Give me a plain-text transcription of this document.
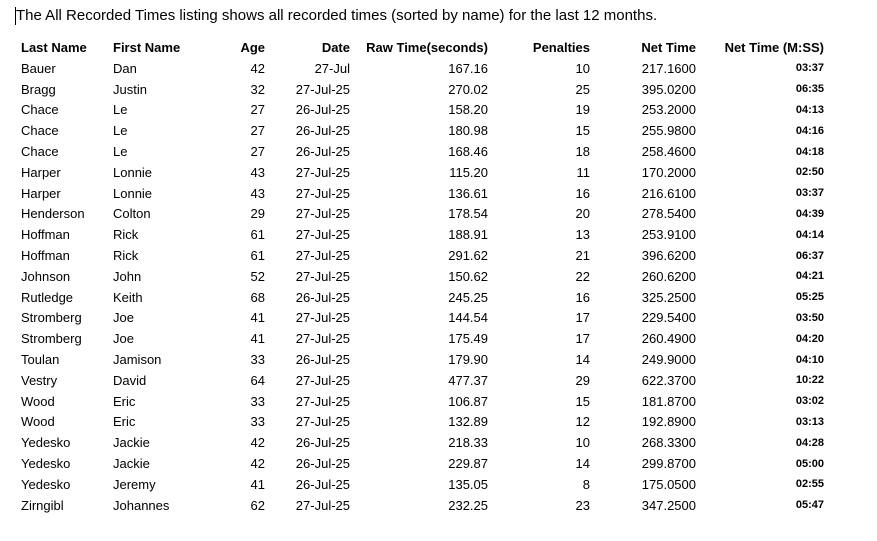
The All Recorded Times listing shows all recorded times (sorted by name) for the last 12 months.
Last Name	First Name	Age	Date	Raw Time(seconds)	Penalties	Net Time	Net Time (M:SS)
Bauer	Dan	42	27-Jul	167.16	10	217.1600	03:37
Bragg	Justin	32	27-Jul-25	270.02	25	395.0200	06:35
Chace	Le	27	26-Jul-25	158.20	19	253.2000	04:13
Chace	Le	27	26-Jul-25	180.98	15	255.9800	04:16
Chace	Le	27	26-Jul-25	168.46	18	258.4600	04:18
Harper	Lonnie	43	27-Jul-25	115.20	11	170.2000	02:50
Harper	Lonnie	43	27-Jul-25	136.61	16	216.6100	03:37
Henderson	Colton	29	27-Jul-25	178.54	20	278.5400	04:39
Hoffman	Rick	61	27-Jul-25	188.91	13	253.9100	04:14
Hoffman	Rick	61	27-Jul-25	291.62	21	396.6200	06:37
Johnson	John	52	27-Jul-25	150.62	22	260.6200	04:21
Rutledge	Keith	68	26-Jul-25	245.25	16	325.2500	05:25
Stromberg	Joe	41	27-Jul-25	144.54	17	229.5400	03:50
Stromberg	Joe	41	27-Jul-25	175.49	17	260.4900	04:20
Toulan	Jamison	33	26-Jul-25	179.90	14	249.9000	04:10
Vestry	David	64	27-Jul-25	477.37	29	622.3700	10:22
Wood	Eric	33	27-Jul-25	106.87	15	181.8700	03:02
Wood	Eric	33	27-Jul-25	132.89	12	192.8900	03:13
Yedesko	Jackie	42	26-Jul-25	218.33	10	268.3300	04:28
Yedesko	Jackie	42	26-Jul-25	229.87	14	299.8700	05:00
Yedesko	Jeremy	41	26-Jul-25	135.05	8	175.0500	02:55
Zirngibl	Johannes	62	27-Jul-25	232.25	23	347.2500	05:47
